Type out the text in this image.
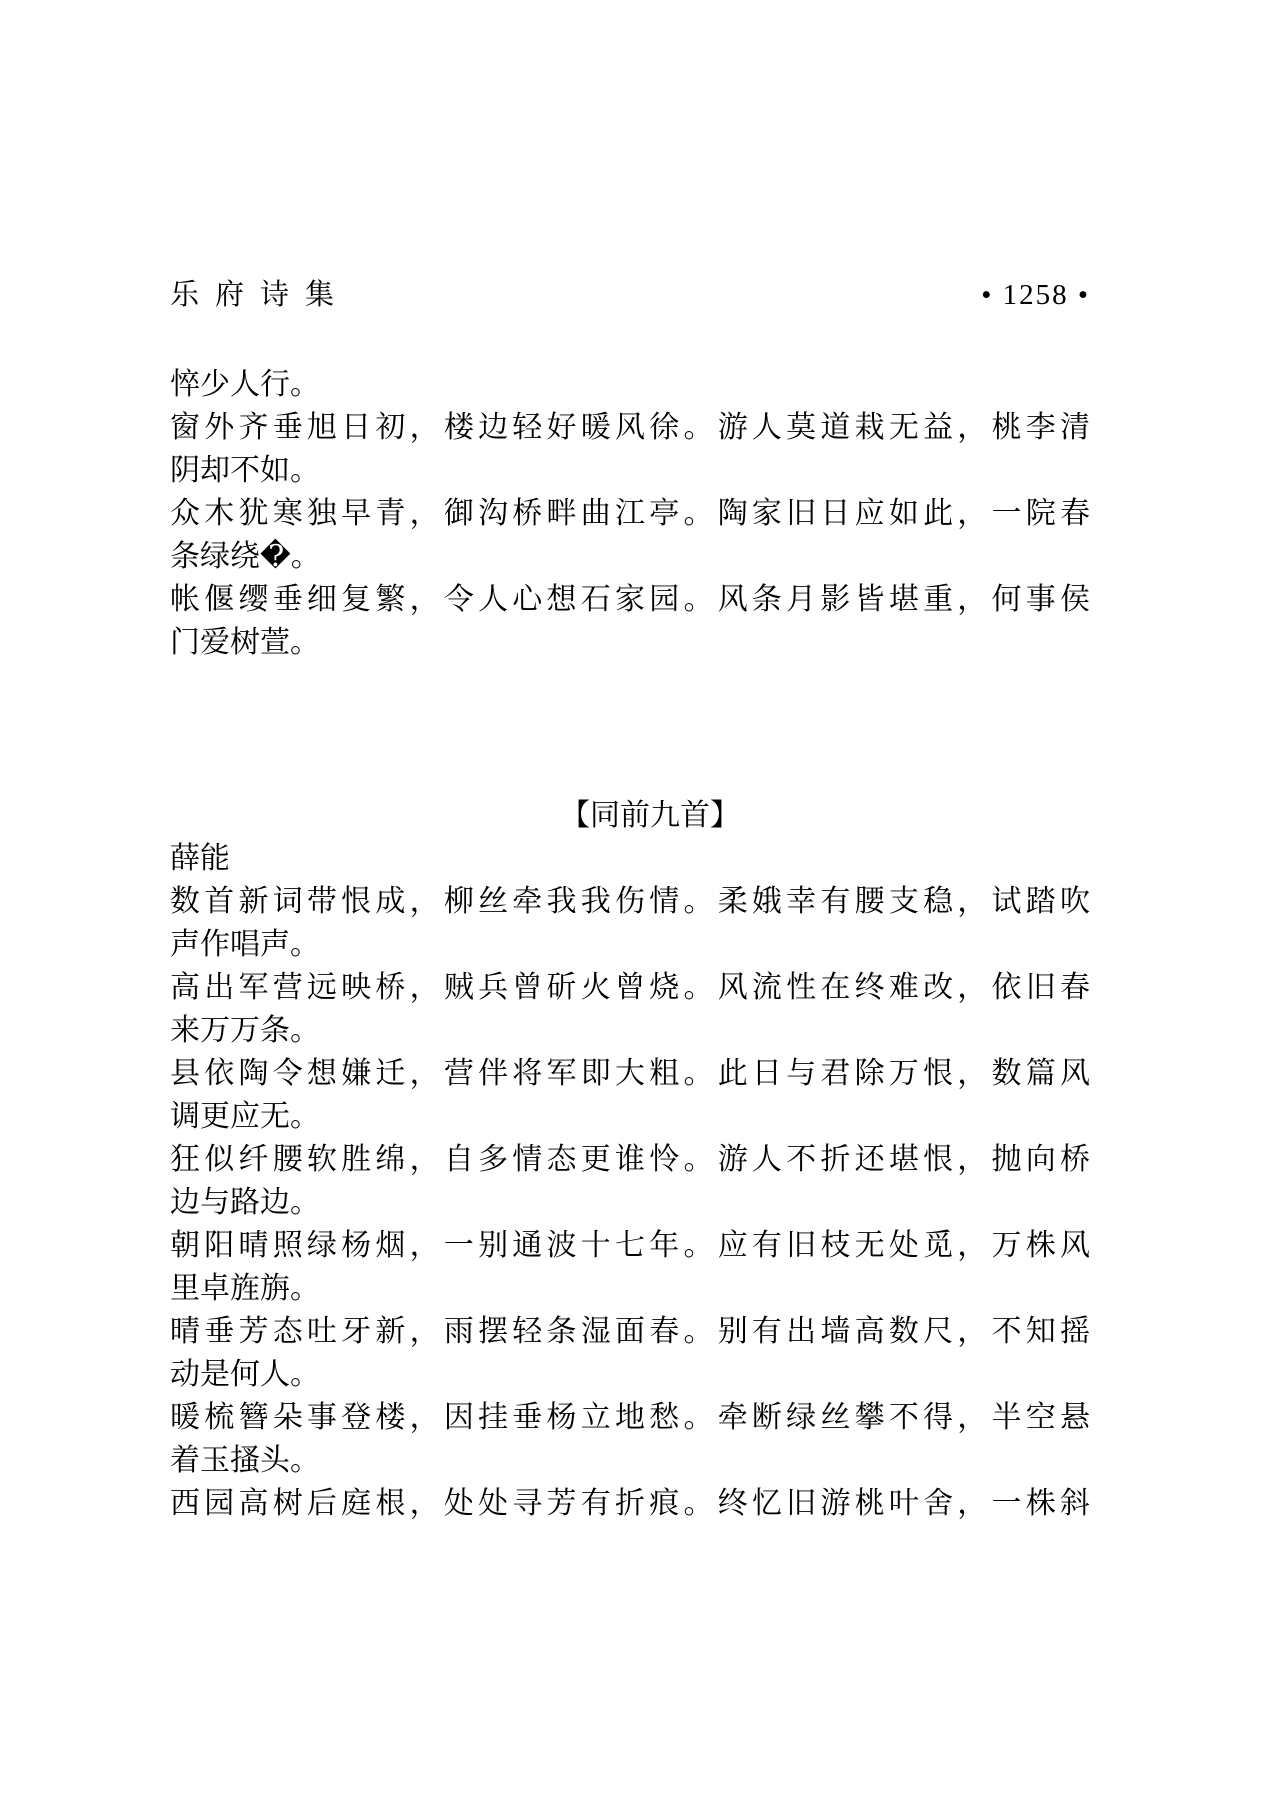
乐府诗集	• 1258 •
悴少人行。
窗外齐垂旭日初，楼边轻好暖风徐。游人莫道栽无益，桃李清
阴却不如。
众木犹寒独早青，御沟桥畔曲江亭。陶家旧日应如此，一院春
条绿绕�。
帐偃缨垂细复繁，令人心想石家园。风条月影皆堪重，何事侯
门爱树萱。
【同前九首】
薛能
数首新词带恨成，柳丝牵我我伤情。柔娥幸有腰支稳，试踏吹
声作唱声。
高出军营远映桥，贼兵曾斫火曾烧。风流性在终难改，依旧春
来万万条。
县依陶令想嫌迁，营伴将军即大粗。此日与君除万恨，数篇风
调更应无。
狂似纤腰软胜绵，自多情态更谁怜。游人不折还堪恨，抛向桥
边与路边。
朝阳晴照绿杨烟，一别通波十七年。应有旧枝无处觅，万株风
里卓旌旃。
晴垂芳态吐牙新，雨摆轻条湿面春。别有出墙高数尺，不知摇
动是何人。
暖梳簪朵事登楼，因挂垂杨立地愁。牵断绿丝攀不得，半空悬
着玉搔头。
西园高树后庭根，处处寻芳有折痕。终忆旧游桃叶舍，一株斜
